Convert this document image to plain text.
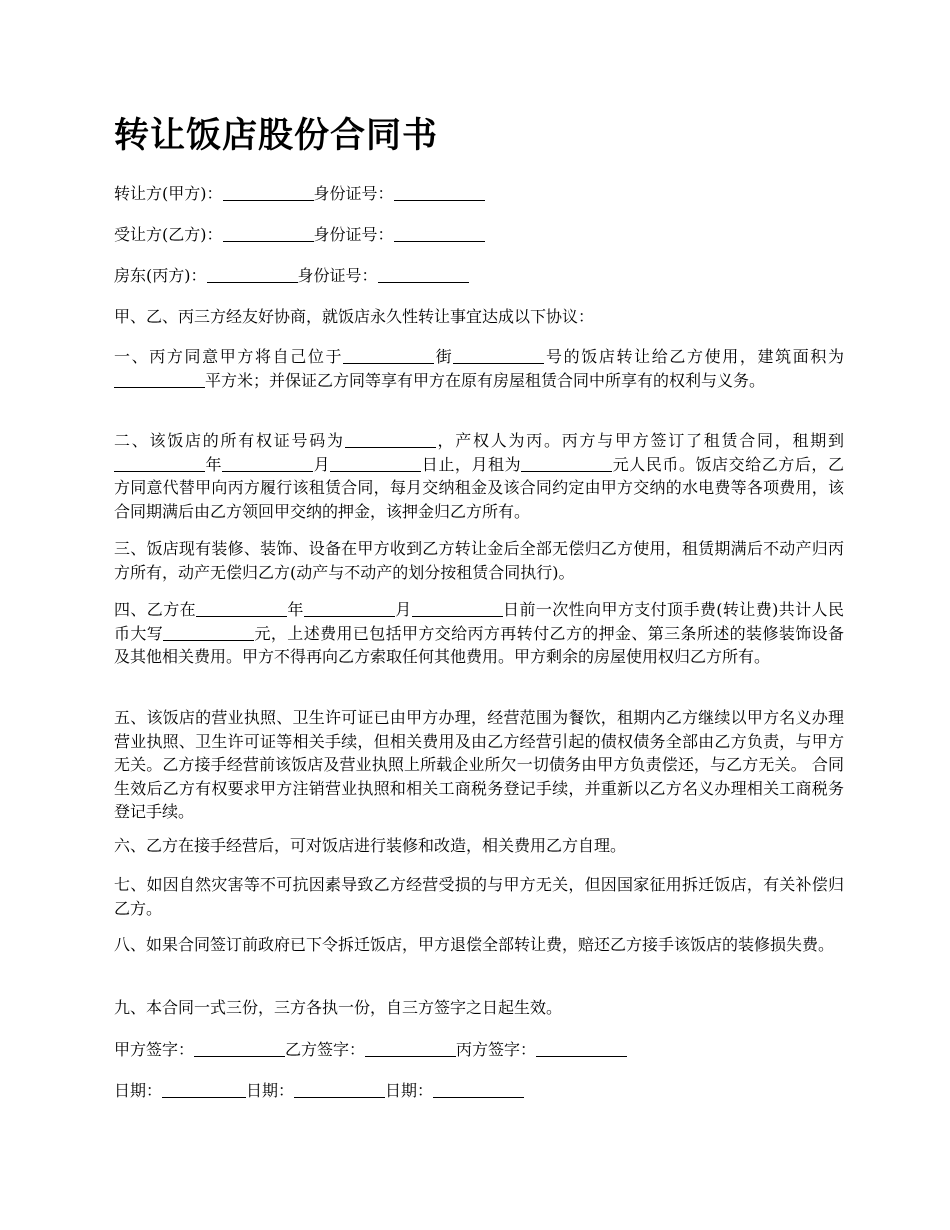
转让饭店股份合同书

转让方(甲方)：	身份证号：

受让方(乙方)：	身份证号：

房东(丙方)：	身份证号：

甲、乙、丙三方经友好协商，就饭店永久性转让事宜达成以下协议：

一、丙方同意甲方将自己位于	街	号的饭店转让给乙方使用，建筑面积为平方米；并保证乙方同等享有甲方在原有房屋租赁合同中所享有的权利与义务。

二、该饭店的所有权证号码为	，产权人为丙。丙方与甲方签订了租赁合同，租期到年	月	日止，月租为	元人民币。饭店交给乙方后，乙方同意代替甲向丙方履行该租赁合同，每月交纳租金及该合同约定由甲方交纳的水电费等各项费用，该合同期满后由乙方领回甲交纳的押金，该押金归乙方所有。

三、饭店现有装修、装饰、设备在甲方收到乙方转让金后全部无偿归乙方使用，租赁期满后不动产归丙方所有，动产无偿归乙方(动产与不动产的划分按租赁合同执行)。

四、乙方在	年	月	日前一次性向甲方支付顶手费(转让费)共计人民币大写	元，上述费用已包括甲方交给丙方再转付乙方的押金、第三条所述的装修装饰设备及其他相关费用。甲方不得再向乙方索取任何其他费用。甲方剩余的房屋使用权归乙方所有。

五、该饭店的营业执照、卫生许可证已由甲方办理，经营范围为餐饮，租期内乙方继续以甲方名义办理营业执照、卫生许可证等相关手续，但相关费用及由乙方经营引起的债权债务全部由乙方负责，与甲方无关。乙方接手经营前该饭店及营业执照上所载企业所欠一切债务由甲方负责偿还，与乙方无关。 合同生效后乙方有权要求甲方注销营业执照和相关工商税务登记手续，并重新以乙方名义办理相关工商税务登记手续。

六、乙方在接手经营后，可对饭店进行装修和改造，相关费用乙方自理。

七、如因自然灾害等不可抗因素导致乙方经营受损的与甲方无关，但因国家征用拆迁饭店，有关补偿归乙方。

八、如果合同签订前政府已下令拆迁饭店，甲方退偿全部转让费，赔还乙方接手该饭店的装修损失费。

九、本合同一式三份，三方各执一份，自三方签字之日起生效。

甲方签字：	乙方签字：	丙方签字：

日期：	日期：	日期：
